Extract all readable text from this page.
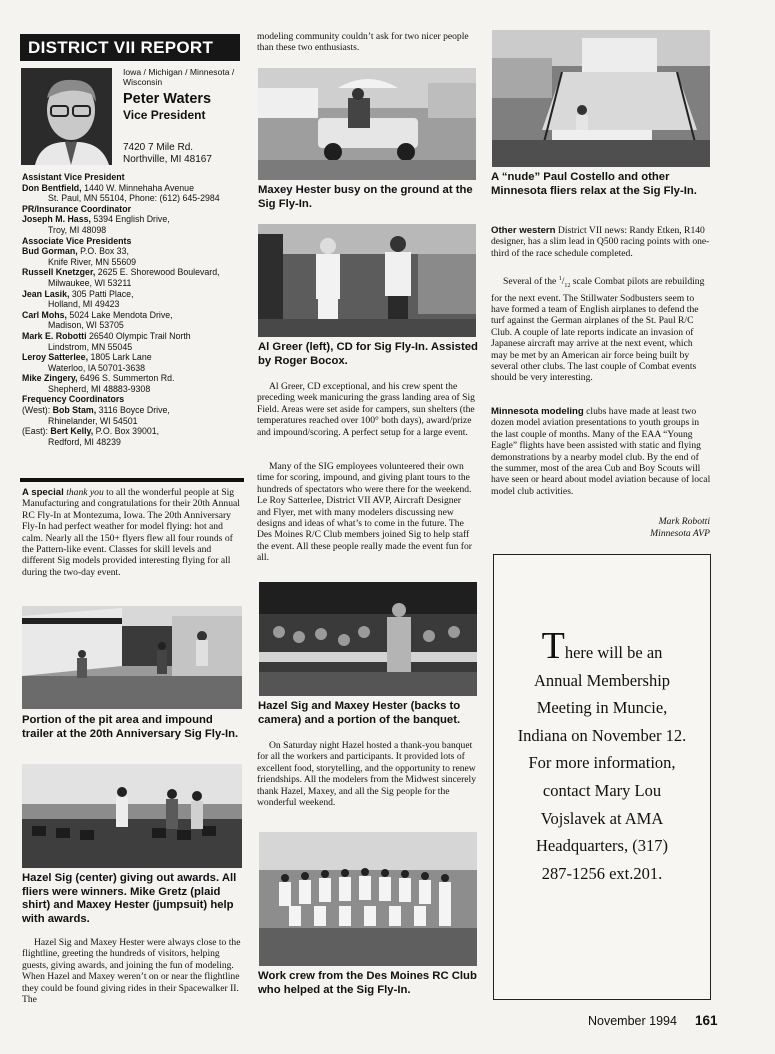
DISTRICT VII REPORT
Iowa / Michigan / Minnesota / Wisconsin
Peter Waters
Vice President
7420 7 Mile Rd.
Northville, MI 48167
Assistant Vice President
Don Bentfield, 1440 W. Minnehaha Avenue
St. Paul, MN 55104, Phone: (612) 645-2984
PR/Insurance Coordinator
Joseph M. Hass, 5394 English Drive,
Troy, MI 48098
Associate Vice Presidents
Bud Gorman, P.O. Box 33,
Knife River, MN 55609
Russell Knetzger, 2625 E. Shorewood Boulevard,
Milwaukee, WI 53211
Jean Lasik, 305 Patti Place,
Holland, MI 49423
Carl Mohs, 5024 Lake Mendota Drive,
Madison, WI 53705
Mark E. Robotti 26540 Olympic Trail North
Lindstrom, MN 55045
Leroy Satterlee, 1805 Lark Lane
Waterloo, IA 50701-3638
Mike Zingery, 6496 S. Summerton Rd.
Shepherd, MI 48883-9308
Frequency Coordinators
(West): Bob Stam, 3116 Boyce Drive,
Rhinelander, WI 54501
(East): Bert Kelly, P.O. Box 39001,
Redford, MI 48239
A special thank you to all the wonderful people at Sig Manufacturing and congratulations for their 20th Annual RC Fly-In at Montezuma, Iowa. The 20th Anniversary Fly-In had perfect weather for model flying: hot and calm. Nearly all the 150+ flyers flew all four rounds of the Pattern-like event. Classes for skill levels and different Sig models provided interesting flying for all during the two-day event.
Portion of the pit area and impound trailer at the 20th Anniversary Sig Fly-In.
Hazel Sig (center) giving out awards. All fliers were winners. Mike Gretz (plaid shirt) and Maxey Hester (jumpsuit) help with awards.
Hazel Sig and Maxey Hester were always close to the flightline, greeting the hundreds of visitors, helping guests, giving awards, and joining the fun of modeling. When Hazel and Maxey weren’t on or near the flightline they could be found giving rides in their Spacewalker II. The
modeling community couldn’t ask for two nicer people than these two enthusiasts.
Maxey Hester busy on the ground at the Sig Fly-In.
Al Greer (left), CD for Sig Fly-In. Assisted by Roger Bocox.
Al Greer, CD exceptional, and his crew spent the preceding week manicuring the grass landing area of Sig Field. Areas were set aside for campers, sun shelters (the temperatures reached over 100° both days), award/prize and impound/scoring. A perfect setup for a large event.
Many of the SIG employees volunteered their own time for scoring, impound, and giving plant tours to the hundreds of spectators who were there for the weekend. Le Roy Satterlee, District VII AVP, Aircraft Designer and Flyer, met with many modelers discussing new designs and ideas of what’s to come in the future. The Des Moines R/C Club members joined Sig to help staff the event. All these people really made the event fun for all.
Hazel Sig and Maxey Hester (backs to camera) and a portion of the banquet.
On Saturday night Hazel hosted a thank-you banquet for all the workers and participants. It provided lots of excellent food, storytelling, and the opportunity to renew friendships. All the modelers from the Midwest sincerely thank Hazel, Maxey, and all the Sig people for the wonderful weekend.
Work crew from the Des Moines RC Club who helped at the Sig Fly-In.
A “nude” Paul Costello and other Minnesota fliers relax at the Sig Fly-In.
Other western District VII news: Randy Etken, R140 designer, has a slim lead in Q500 racing points with one-third of the race schedule completed.
Several of the $^1/_{12}$ scale Combat pilots are rebuilding for the next event. The Stillwater Sodbusters seem to have formed a team of English airplanes to defend the turf against the German airplanes of the St. Paul R/C Club. A couple of late reports indicate an invasion of Japanese aircraft may arrive at the next event, which may be met by an American air force being built by several other clubs. The last couple of Combat events should be very interesting.
Minnesota modeling clubs have made at least two dozen model aviation presentations to youth groups in the last couple of months. Many of the EAA “Young Eagle” flights have been assisted with static and flying demonstrations by a nearby model club. By the end of the summer, most of the area Cub and Boy Scouts will have seen or heard about model aviation because of local model club activities.
Mark Robotti
Minnesota AVP
There will be an
Annual Membership
Meeting in Muncie,
Indiana on November 12.
For more information,
contact Mary Lou
Vojslavek at AMA
Headquarters, (317)
287-1256 ext.201.
November 1994 161
